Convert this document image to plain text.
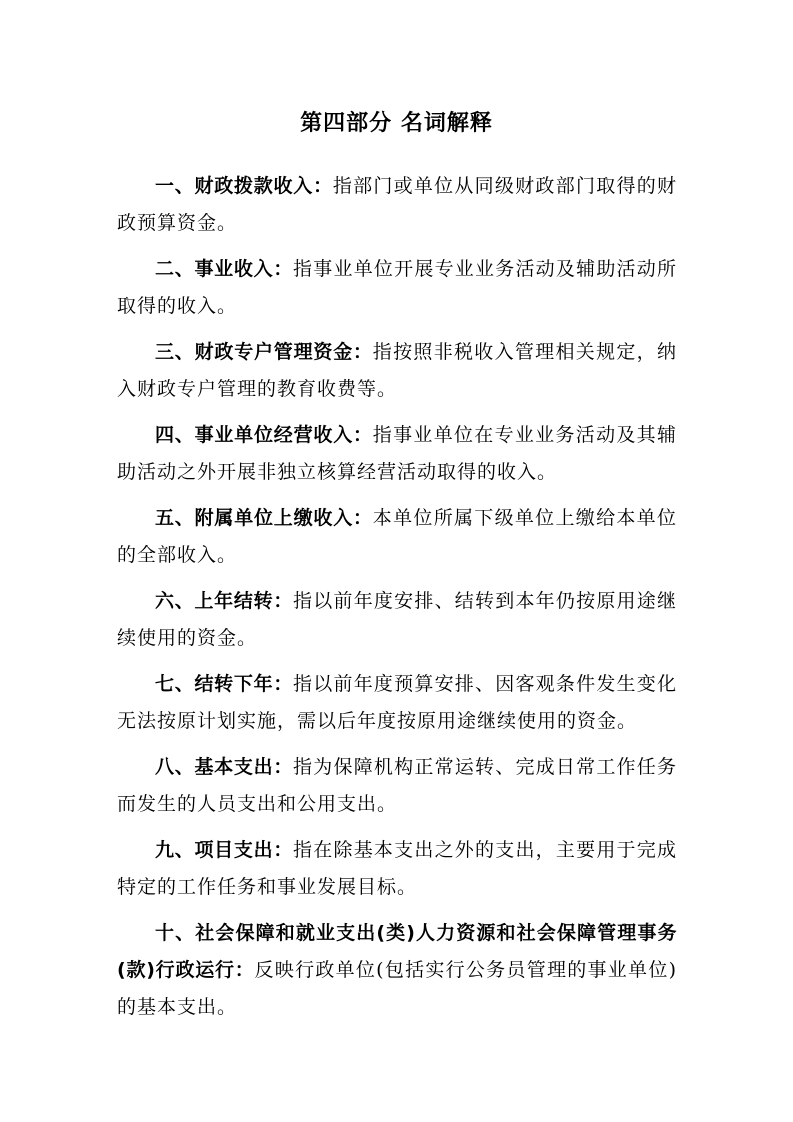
第四部分 名词解释

一、财政拨款收入：指部门或单位从同级财政部门取得的财政预算资金。

二、事业收入：指事业单位开展专业业务活动及辅助活动所取得的收入。

三、财政专户管理资金：指按照非税收入管理相关规定，纳入财政专户管理的教育收费等。

四、事业单位经营收入：指事业单位在专业业务活动及其辅助活动之外开展非独立核算经营活动取得的收入。

五、附属单位上缴收入：本单位所属下级单位上缴给本单位的全部收入。

六、上年结转：指以前年度安排、结转到本年仍按原用途继续使用的资金。

七、结转下年：指以前年度预算安排、因客观条件发生变化无法按原计划实施，需以后年度按原用途继续使用的资金。

八、基本支出：指为保障机构正常运转、完成日常工作任务而发生的人员支出和公用支出。

九、项目支出：指在除基本支出之外的支出，主要用于完成特定的工作任务和事业发展目标。

十、社会保障和就业支出(类)人力资源和社会保障管理事务(款)行政运行：反映行政单位(包括实行公务员管理的事业单位)的基本支出。
